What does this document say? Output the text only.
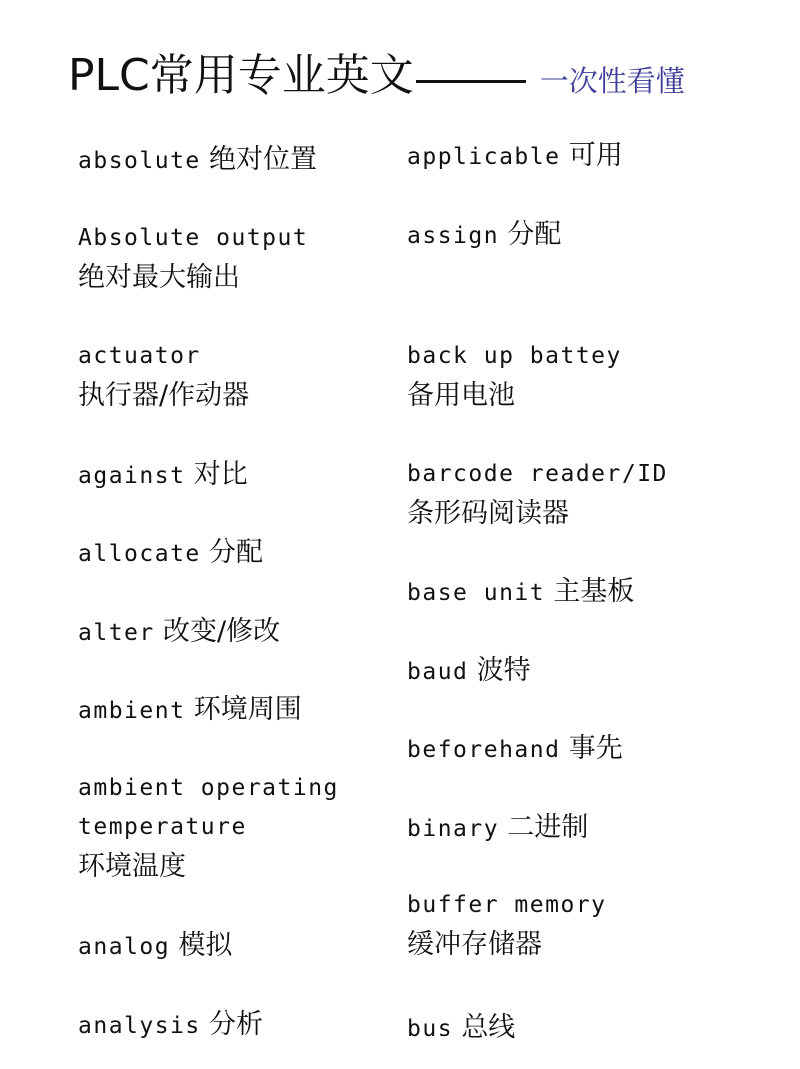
PLC常用专业英文	一次性看懂
absolute 绝对位置
Absolute output
绝对最大输出
actuator
执行器/作动器
against 对比
allocate 分配
alter 改变/修改
ambient 环境周围
ambient operating
temperature
环境温度
analog 模拟
analysis 分析
applicable 可用
assign 分配
back up battey
备用电池
barcode reader/ID
条形码阅读器
base unit 主基板
baud 波特
beforehand 事先
binary 二进制
buffer memory
缓冲存储器
bus 总线
